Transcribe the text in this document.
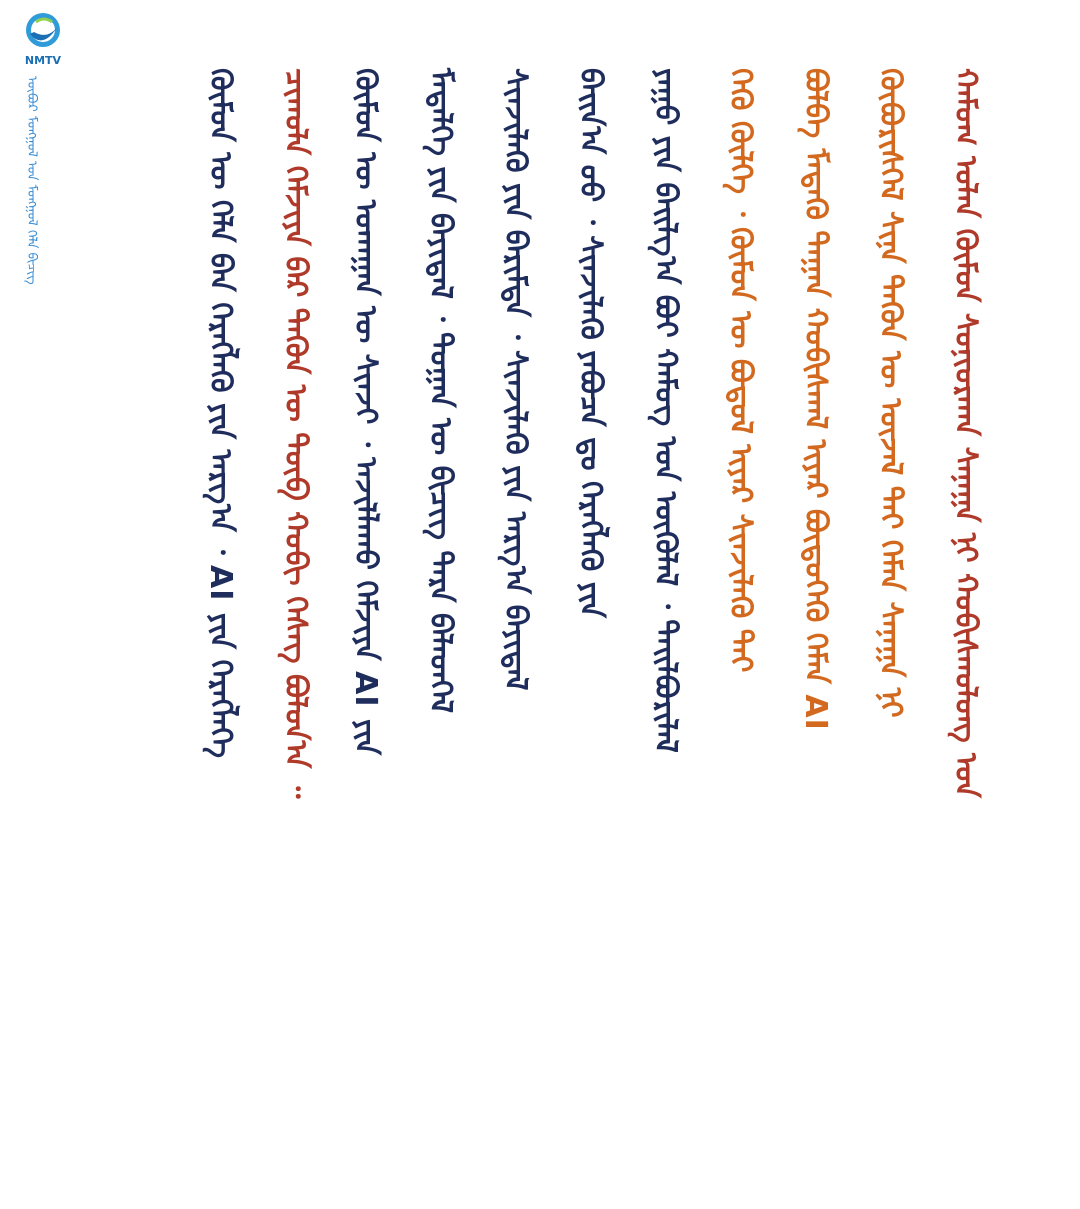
NMTV
ᠦᠪᠦᠷ ᠮᠣᠩᠭᠣᠯ ᠤᠨ ᠮᠣᠩᠭᠣᠯ ᠬᠡᠯᠡ ᠪᠢᠴᠢᠭ	ᠬᠠᠮᠤᠭ ᠣᠯᠠᠨ ᠬᠦᠮᠦᠨ ᠰᠣᠨᠢᠤᠷᠬᠠᠨ ᠰᠠᠨᠠᠭᠠ ᠨᠢ ᠬᠤᠪᠢᠰᠬᠤᠯᠤᠩ ᠤᠨ
ᠬᠦᠪᠦᠷᠢᠰᠬᠡᠯ ᠰᠢᠨᠡ ᠲᠡᠭᠦᠨ ᠦ ᠦᠵᠡᠯ ᠲᠠᠢ ᠬᠡᠮᠡᠨ ᠰᠠᠨᠠᠭᠠ ᠨᠢ
ᠪᠣᠯᠪᠠ ᠮᠡᠳᠡᠬᠦ ᠳᠠᠭᠠᠨ ᠬᠤᠪᠢᠰᠬᠠᠯ ᠢᠶᠠᠷ ᠪᠦᠲᠦᠭᠡᠬᠦ ᠬᠡᠮᠡᠨ AI
ᠬᠡᠬᠦ ᠬᠦᠯᠭᠡ ᠂ ᠬᠦᠮᠦᠨ ᠦ ᠪᠣᠳᠣᠯ ᠢᠶᠠᠷ ᠰᠢᠨᠵᠢᠯᠡᠬᠦ ᠲᠠᠢ
ᠶᠠᠭᠤ ᠶᠢᠨ ᠪᠠᠢᠯᠭ᠎ᠠ ᠪᠤᠢ ᠬᠠᠮᠦᠭ ᠤᠨ ᠦᠭᠦᠯᠡᠯ ᠂ ᠲᠠᠢᠯᠪᠤᠷᠢᠯᠠᠯ
ᠪᠠᠢᠨ᠎ᠠ ᠤᠤ ᠂ ᠰᠢᠨᠵᠢᠯᠡᠬᠦ ᠶᠠᠪᠤᠴᠠ ᠳᠤ ᠬᠡᠷᠡᠭᠯᠡᠬᠦ ᠶᠢᠨ
ᠰᠢᠨᠵᠢᠯᠡᠬᠦ ᠶᠢᠨ ᠪᠠᠷᠢᠮᠲᠠ ᠂ ᠰᠢᠨᠵᠢᠯᠡᠬᠦ ᠶᠢᠨ ᠠᠷᠭ᠎ᠠ ᠪᠠᠶᠢᠳᠠᠯ
ᠮᠡᠳᠡᠯᠭᠡ ᠶᠢᠨ ᠪᠠᠶᠢᠳᠠᠯ ᠂ ᠲᠣᠭᠠᠨ ᠦ ᠪᠢᠴᠢᠭ ᠲᠡᠷᠡ ᠪᠡᠯᠡᠳᠬᠡᠯ
ᠬᠦᠮᠦᠨ ᠦ ᠤᠬᠠᠭᠠᠨ ᠦ ᠰᠢᠨᠵᠢ ᠂ ᠠᠵᠢᠯᠯᠠᠬᠤ ᠬᠡᠮᠵᠢᠶᠡ AI ᠶᠢᠨ
ᠴᠢᠬᠤᠯᠠ ᠬᠡᠮᠵᠢᠶᠡ ᠪᠠᠷ ᠲᠡᠭᠦᠨ ᠦ ᠲᠥᠪ ᠬᠤᠪᠢ ᠬᠡᠰᠡᠭ ᠪᠣᠯᠤᠨ᠎ᠠ ᠃
ᠬᠦᠮᠦᠨ ᠦ ᠬᠡᠯᠡ ᠪᠡᠨ ᠬᠡᠷᠡᠭᠯᠡᠬᠦ ᠶᠢᠨ ᠠᠷᠭ᠎ᠠ ᠂ AI ᠶᠢᠨ ᠬᠡᠷᠡᠭᠯᠡᠭᠡ
